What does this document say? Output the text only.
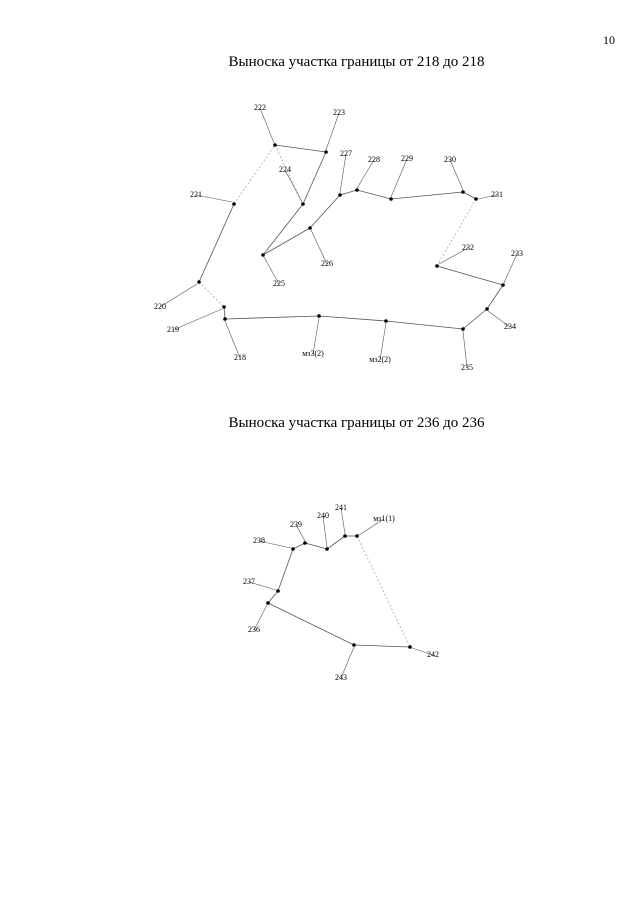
10
Выноска участка границы от 218 до 218
Выноска участка границы от 236 до 236
218
219
220
221
222
223
224
225
226
227
228	229	230
231
232
233
234
235
мз2(2)
мз3(2)
236
237
238
239
240
241
мз1(1)
242
243
